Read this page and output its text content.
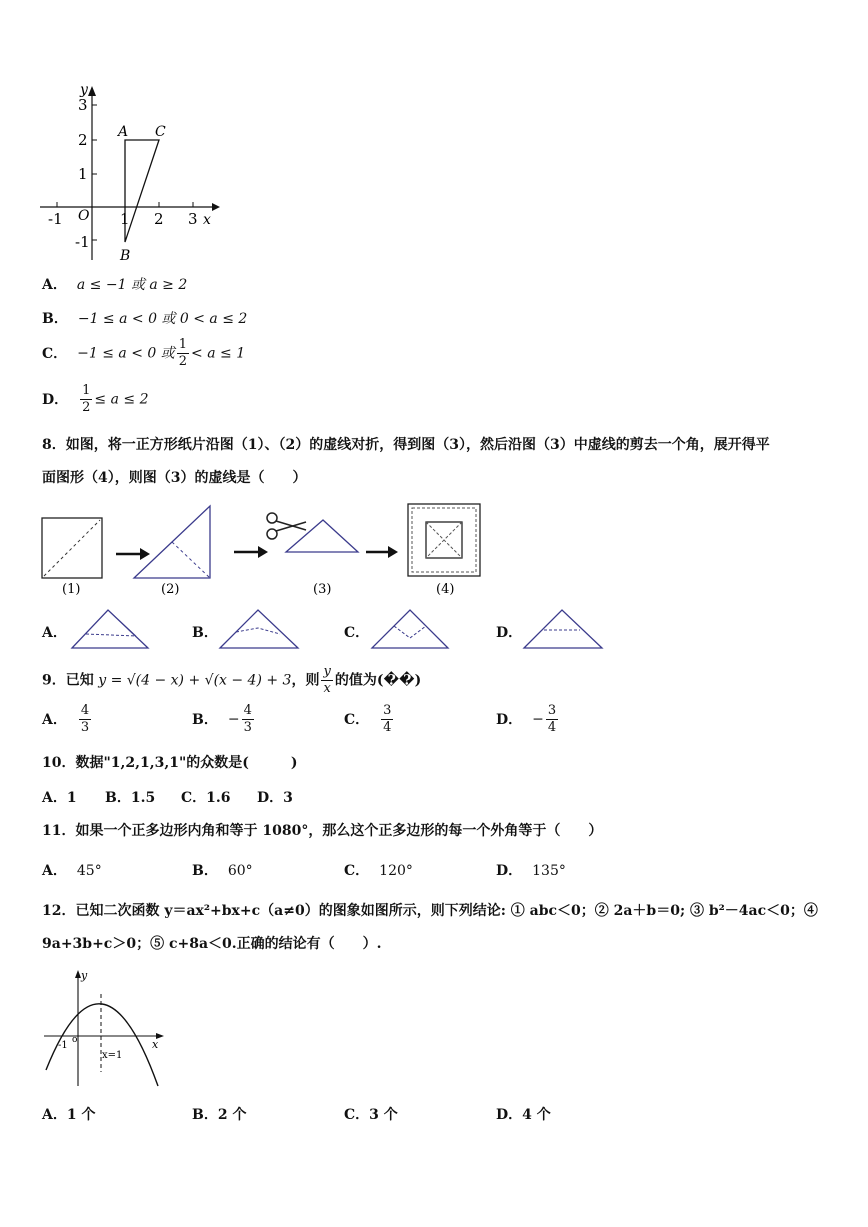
3
2
1
-1
-1	1 2 3
y
x
O
A C
B
A． a ≤ −1 或 a ≥ 2
B． −1 ≤ a < 0 或 0 < a ≤ 2
C． −1 ≤ a < 0 或 $\frac{1}{2} < a \le 1$
D． $\frac{1}{2} \le a \le 2$
8．如图，将一正方形纸片沿图（1）、（2）的虚线对折，得到图（3），然后沿图（3）中虚线的剪去一个角，展开得平
面图形（4），则图（3）的虚线是（　　）
(1)	(2)	(3)	(4)
A．	B．	C．	D．
9．已知 y = √(4 − x) + √(x − 4) + 3，则 $\frac{y}{x}$ 的值为(��)
A． $\frac{4}{3}$	B． − $\frac{4}{3}$	C． $\frac{3}{4}$	D． − $\frac{3}{4}$
10．数据"1,2,1,3,1"的众数是(　　　)
A．1 B．1.5 C．1.6 D．3
11．如果一个正多边形内角和等于 1080°，那么这个正多边形的每一个外角等于（　　）
A． 45°	B． 60°	C． 120°	D． 135°
12．已知二次函数 y＝ax²+bx+c（a≠0）的图象如图所示，则下列结论: ① abc＜0；② 2a＋b＝0; ③ b²－4ac＜0；④
9a+3b+c＞0；⑤ c+8a＜0.正确的结论有（　　）.
y
x
-1 o
x=1
A．1 个	B．2 个	C．3 个	D．4 个
